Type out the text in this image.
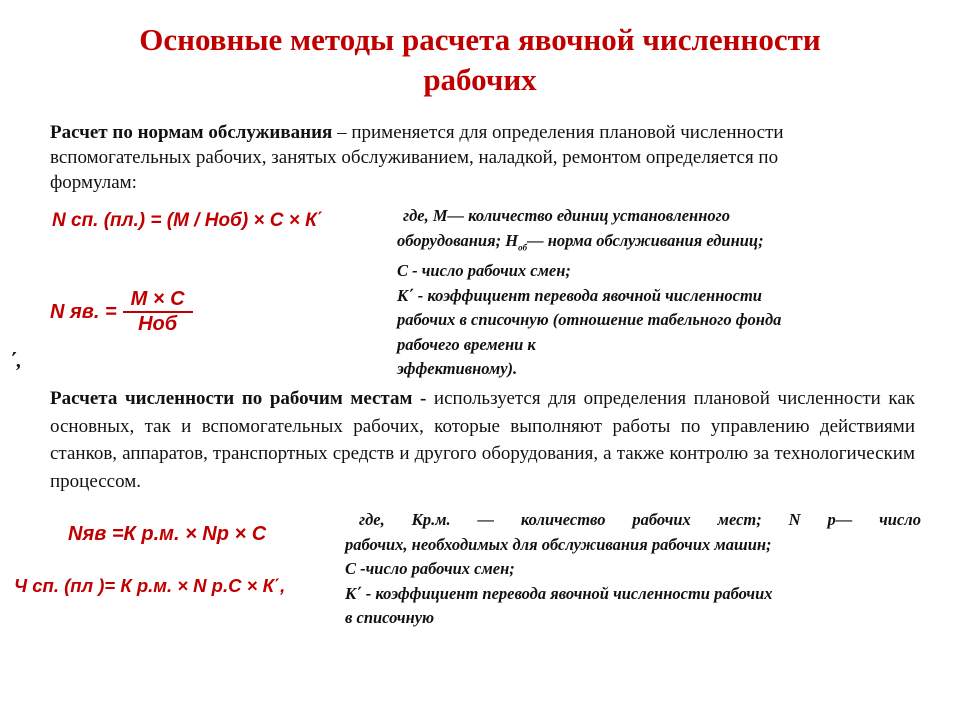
Основные методы расчета явочной численности
рабочих
Расчет по нормам обслуживания – применяется для определения плановой численности вспомогательных рабочих, занятых обслуживанием, наладкой, ремонтом определяется по формулам:
N сп. (пл.) = (М / Ноб) × С × К΄
N яв. =
М × С
Ноб
΄,
где, М— количество единиц установленного
оборудования; $Н_{об}—$ норма обслуживания единиц;
С - число рабочих смен;
К΄ - коэффициент перевода явочной численности
рабочих в списочную (отношение табельного фонда
рабочего времени к
эффективному).
Расчета численности по рабочим местам - используется для определения плановой численности как основных, так и вспомогательных рабочих, которые выполняют работы по управлению действиями станков, аппаратов, транспортных средств и другого оборудования, а также контролю за технологическим процессом.
Nяв =К р.м. × Nр × С
Ч сп. (пл )= К р.м. × N р.С × К΄,
где, Кр.м. — количество рабочих мест; N р— число
рабочих, необходимых для обслуживания рабочих машин;
С -число рабочих смен;
К΄ - коэффициент перевода явочной численности рабочих
в списочную
